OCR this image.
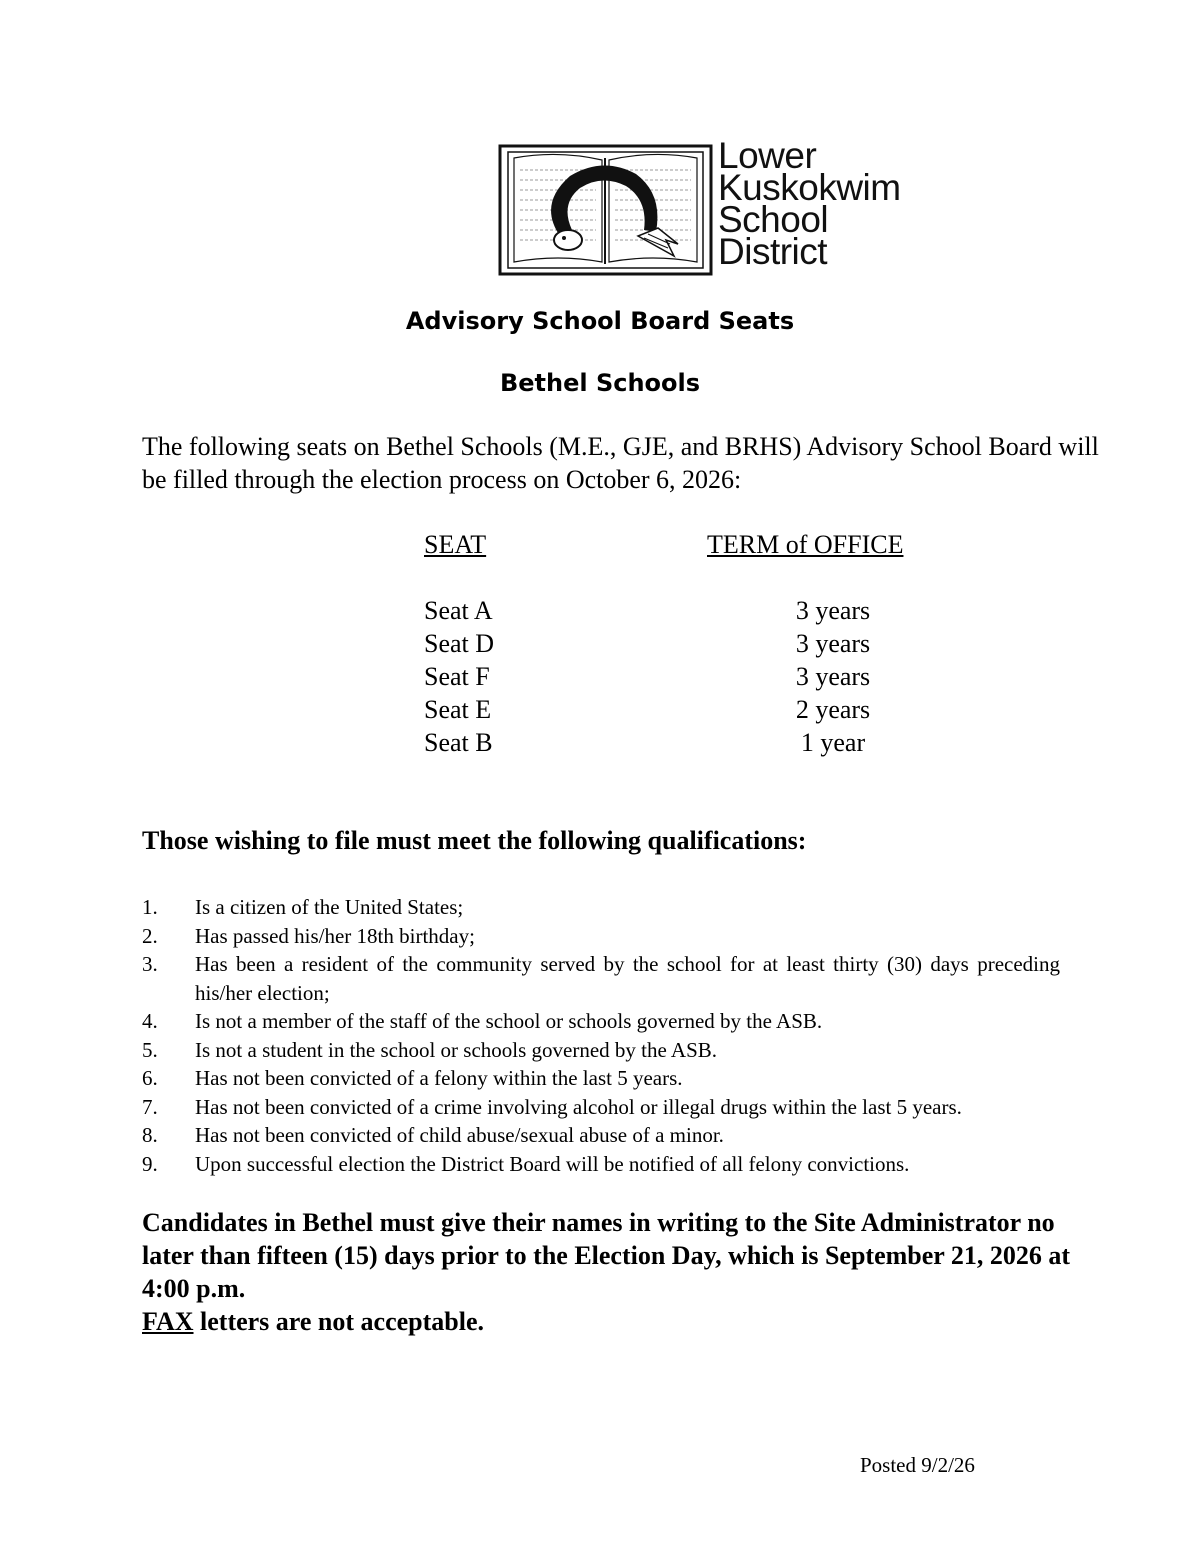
Lower
Kuskokwim
School
District
Advisory School Board Seats
Bethel Schools
The following seats on Bethel Schools (M.E., GJE, and BRHS) Advisory School Board will be filled through the election process on October 6, 2026:
SEAT	TERM of OFFICE
Seat A	3 years
Seat D	3 years
Seat F	3 years
Seat E	2 years
Seat B	1 year
Those wishing to file must meet the following qualifications:
1. Is a citizen of the United States;
2. Has passed his/her 18th birthday;
3. Has been a resident of the community served by the school for at least thirty (30) days preceding his/her election;
4. Is not a member of the staff of the school or schools governed by the ASB.
5. Is not a student in the school or schools governed by the ASB.
6. Has not been convicted of a felony within the last 5 years.
7. Has not been convicted of a crime involving alcohol or illegal drugs within the last 5 years.
8. Has not been convicted of child abuse/sexual abuse of a minor.
9. Upon successful election the District Board will be notified of all felony convictions.
Candidates in Bethel must give their names in writing to the Site Administrator no later than fifteen (15) days prior to the Election Day, which is September 21, 2026 at 4:00 p.m.
FAX letters are not acceptable.
Posted 9/2/26
